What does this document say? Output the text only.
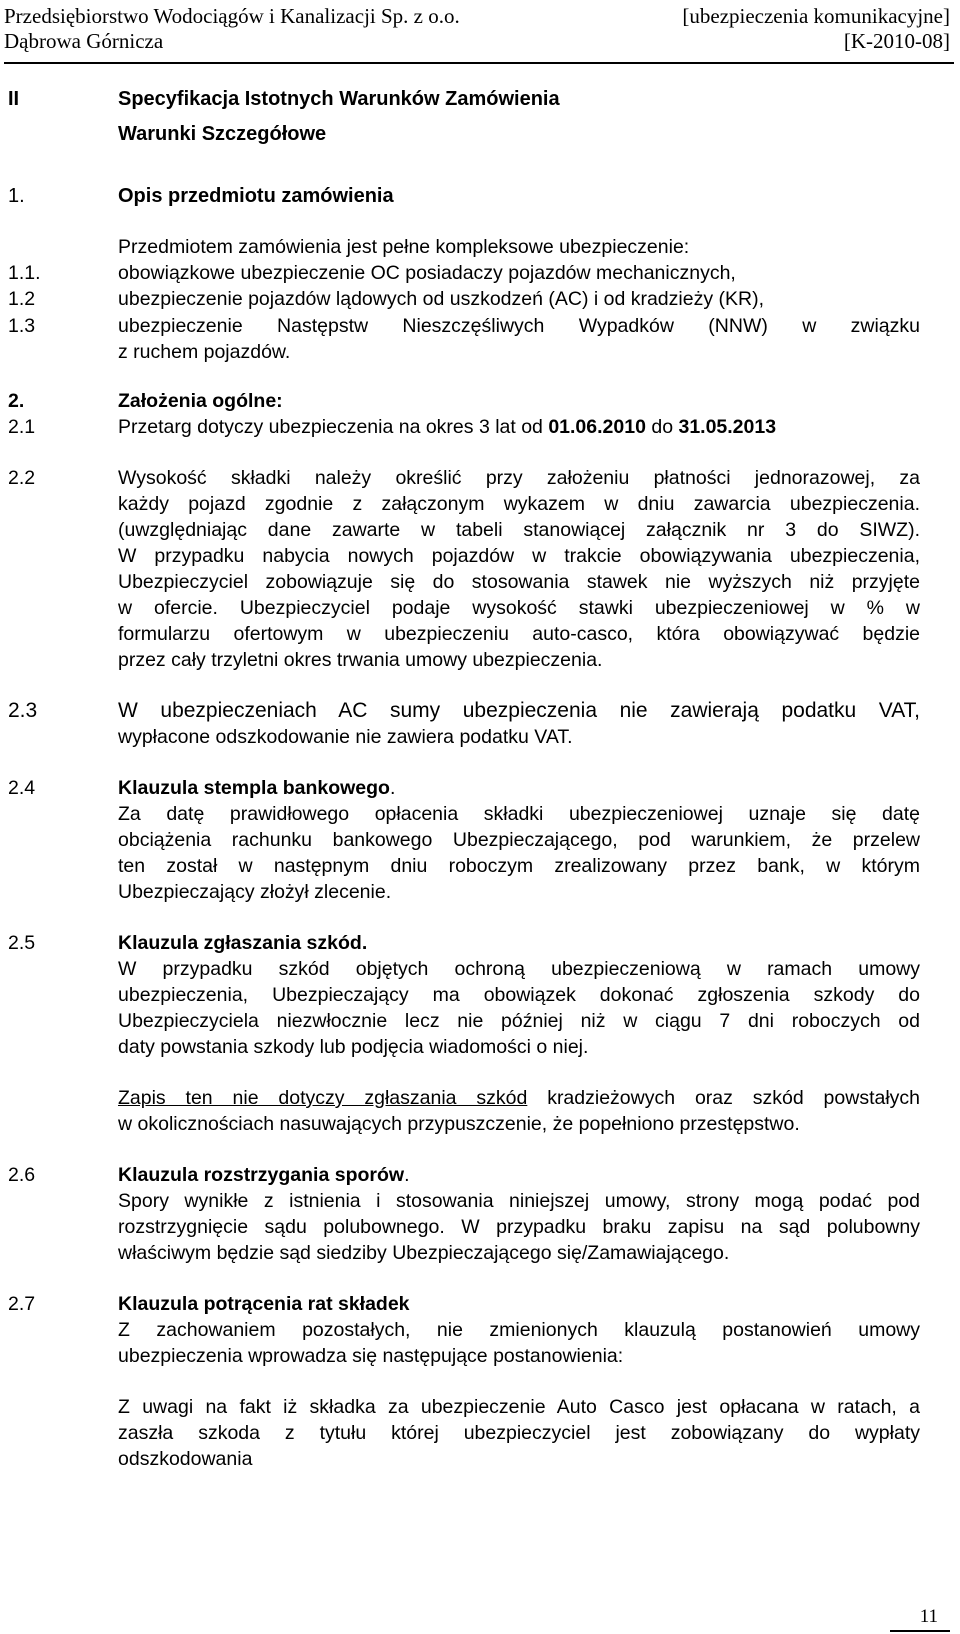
Przedsiębiorstwo Wodociągów i Kanalizacji Sp. z o.o.
Dąbrowa Górnicza
[ubezpieczenia komunikacyjne]
[K-2010-08]
II	Specyfikacja Istotnych Warunków Zamówienia
Warunki Szczegółowe
1.	Opis przedmiotu zamówienia
Przedmiotem zamówienia jest pełne kompleksowe ubezpieczenie:
1.1.	obowiązkowe ubezpieczenie OC posiadaczy pojazdów mechanicznych,
1.2	ubezpieczenie pojazdów lądowych od uszkodzeń (AC) i od kradzieży (KR),
1.3	ubezpieczenie Następstw Nieszczęśliwych Wypadków (NNW) w związku
z ruchem pojazdów.
2.	Założenia ogólne:
2.1	Przetarg dotyczy ubezpieczenia na okres 3 lat od 01.06.2010 do 31.05.2013
2.2	Wysokość składki należy określić przy założeniu płatności jednorazowej, za
każdy pojazd zgodnie z załączonym wykazem w dniu zawarcia ubezpieczenia.
(uwzględniając dane zawarte w tabeli stanowiącej załącznik nr 3 do SIWZ).
W przypadku nabycia nowych pojazdów w trakcie obowiązywania ubezpieczenia,
Ubezpieczyciel zobowiązuje się do stosowania stawek nie wyższych niż przyjęte
w ofercie. Ubezpieczyciel podaje wysokość stawki ubezpieczeniowej w % w
formularzu ofertowym w ubezpieczeniu auto-casco, która obowiązywać będzie
przez cały trzyletni okres trwania umowy ubezpieczenia.
2.3	W ubezpieczeniach AC sumy ubezpieczenia nie zawierają podatku VAT,
wypłacone odszkodowanie nie zawiera podatku VAT.
2.4	Klauzula stempla bankowego.
Za datę prawidłowego opłacenia składki ubezpieczeniowej uznaje się datę
obciążenia rachunku bankowego Ubezpieczającego, pod warunkiem, że przelew
ten został w następnym dniu roboczym zrealizowany przez bank, w którym
Ubezpieczający złożył zlecenie.
2.5	Klauzula zgłaszania szkód.
W przypadku szkód objętych ochroną ubezpieczeniową w ramach umowy
ubezpieczenia, Ubezpieczający ma obowiązek dokonać zgłoszenia szkody do
Ubezpieczyciela niezwłocznie lecz nie później niż w ciągu 7 dni roboczych od
daty powstania szkody lub podjęcia wiadomości o niej.
Zapis ten nie dotyczy zgłaszania szkód kradzieżowych oraz szkód powstałych
w okolicznościach nasuwających przypuszczenie, że popełniono przestępstwo.
2.6	Klauzula rozstrzygania sporów.
Spory wynikłe z istnienia i stosowania niniejszej umowy, strony mogą podać pod
rozstrzygnięcie sądu polubownego. W przypadku braku zapisu na sąd polubowny
właściwym będzie sąd siedziby Ubezpieczającego się/Zamawiającego.
2.7	Klauzula potrącenia rat składek
Z zachowaniem pozostałych, nie zmienionych klauzulą postanowień umowy
ubezpieczenia wprowadza się następujące postanowienia:
Z uwagi na fakt iż składka za ubezpieczenie Auto Casco jest opłacana w ratach, a
zaszła szkoda z tytułu której ubezpieczyciel jest zobowiązany do wypłaty
odszkodowania
11
